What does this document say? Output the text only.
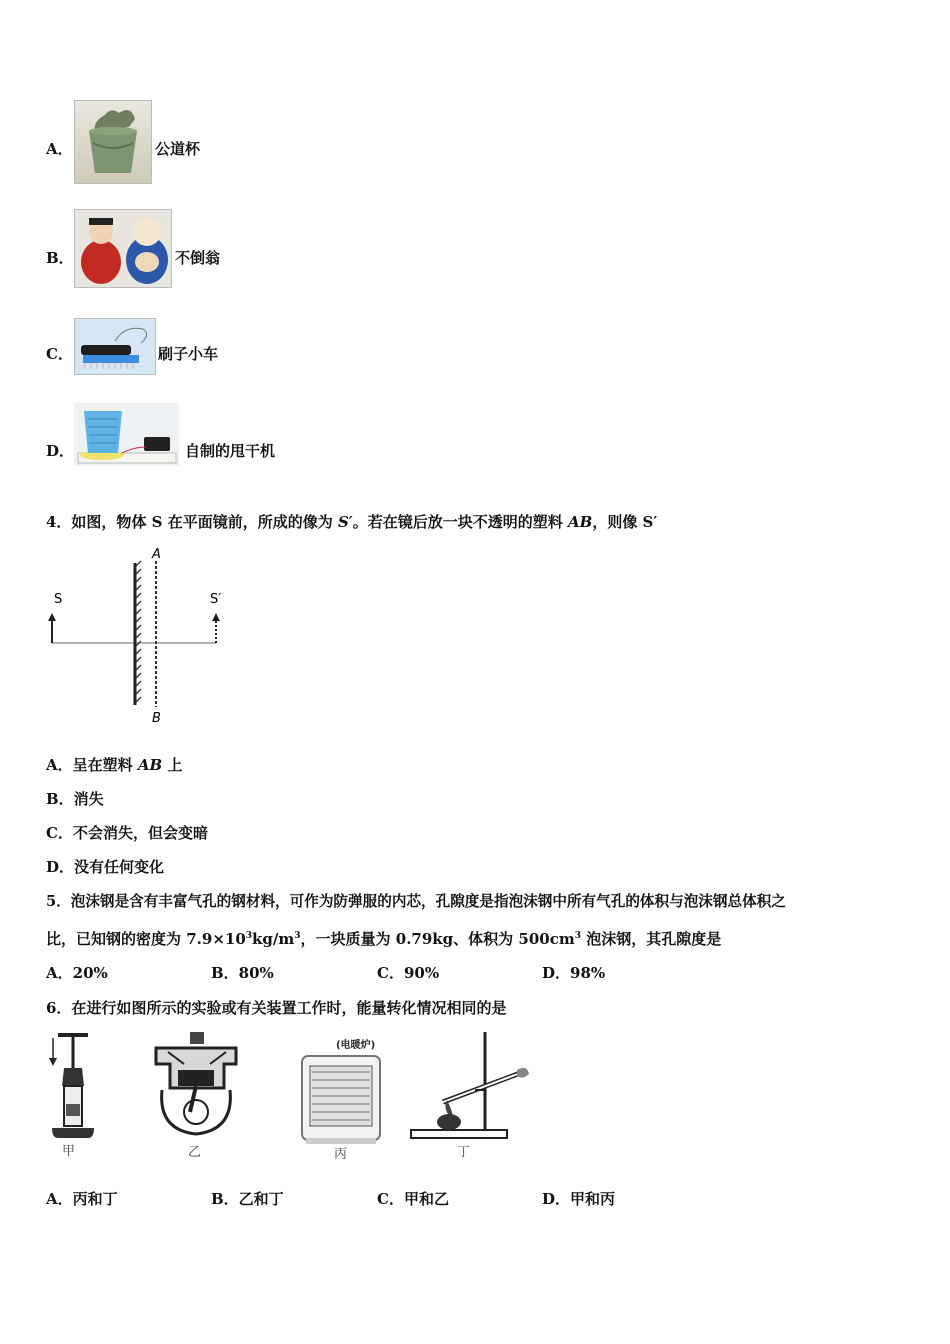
A．	公道杯
B．	不倒翁
C．	刷子小车
D．	自制的甩干机
4．如图，物体 S 在平面镜前，所成的像为 S′。若在镜后放一块不透明的塑料 AB，则像 S′
S
A
B
S′
A．呈在塑料 AB 上
B．消失
C．不会消失，但会变暗
D．没有任何变化
5．泡沫钢是含有丰富气孔的钢材料，可作为防弹服的内芯，孔隙度是指泡沫钢中所有气孔的体积与泡沫钢总体积之
比，已知钢的密度为 $7.9\times 10^3kg/m^3$，一块质量为 0.79kg、体积为 $500cm^3$ 泡沫钢，其孔隙度是
A．20%	B．80%	C．90%	D．98%
6．在进行如图所示的实验或有关装置工作时，能量转化情况相同的是
甲	乙
(电暖炉)
丙	丁
A．丙和丁	B．乙和丁	C．甲和乙	D．甲和丙
